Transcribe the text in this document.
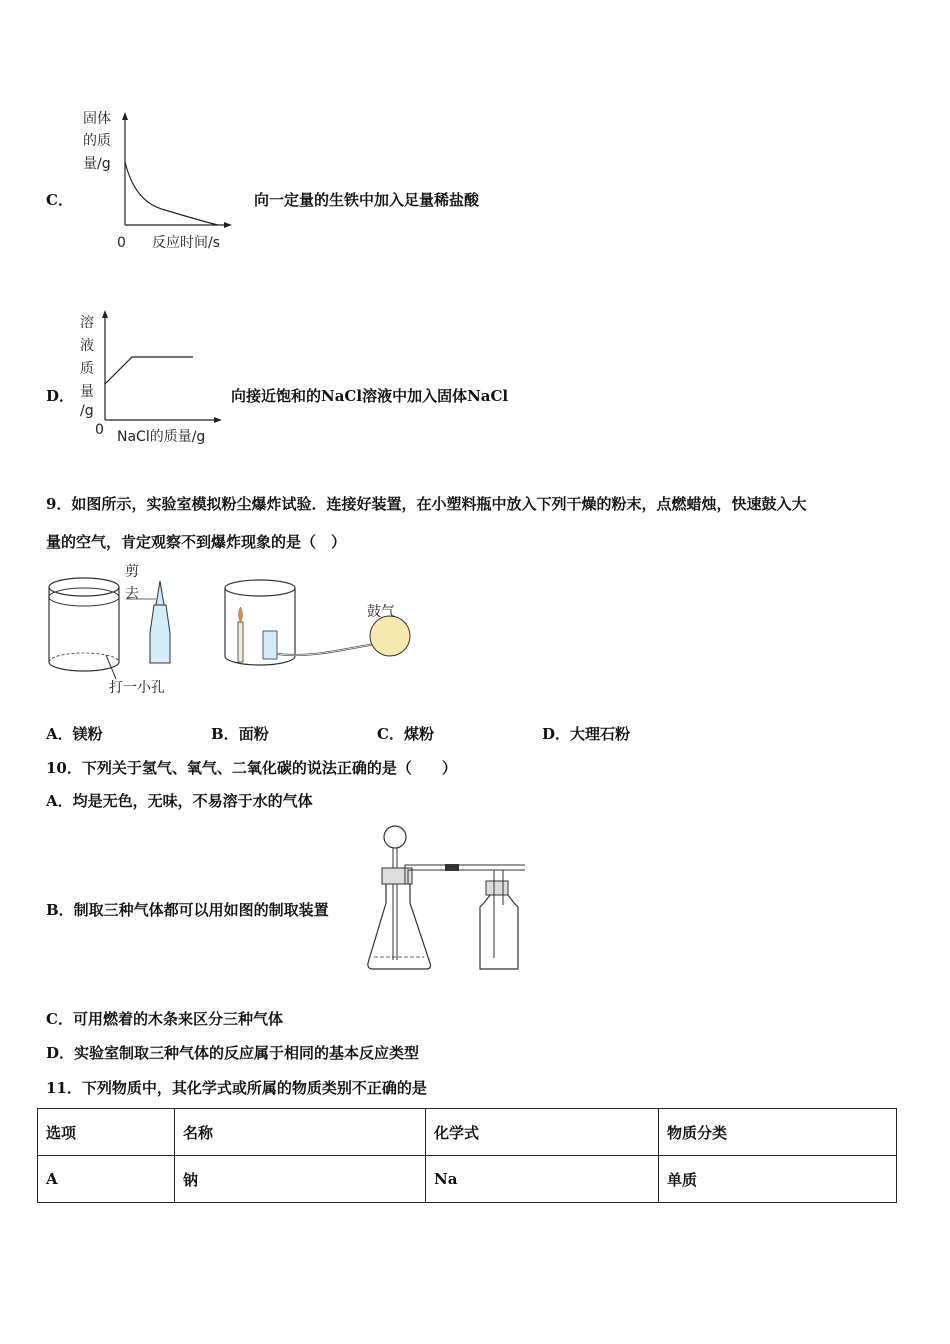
C．
固体
的质
量/g
0 反应时间/s
向一定量的生铁中加入足量稀盐酸
D．
溶
液
质
量
/g
0 NaCl的质量/g
向接近饱和的NaCl溶液中加入固体NaCl
9．如图所示，实验室模拟粉尘爆炸试验．连接好装置，在小塑料瓶中放入下列干燥的粉末，点燃蜡烛，快速鼓入大
量的空气，肯定观察不到爆炸现象的是（　）
剪
去
打一小孔
鼓气
A．镁粉	B．面粉	C．煤粉	D．大理石粉
10．下列关于氢气、氧气、二氧化碳的说法正确的是（　　）
A．均是无色，无味，不易溶于水的气体
B．制取三种气体都可以用如图的制取装置
C．可用燃着的木条来区分三种气体
D．实验室制取三种气体的反应属于相同的基本反应类型
11．下列物质中，其化学式或所属的物质类别不正确的是
选项	名称	化学式	物质分类
A	钠	Na	单质
